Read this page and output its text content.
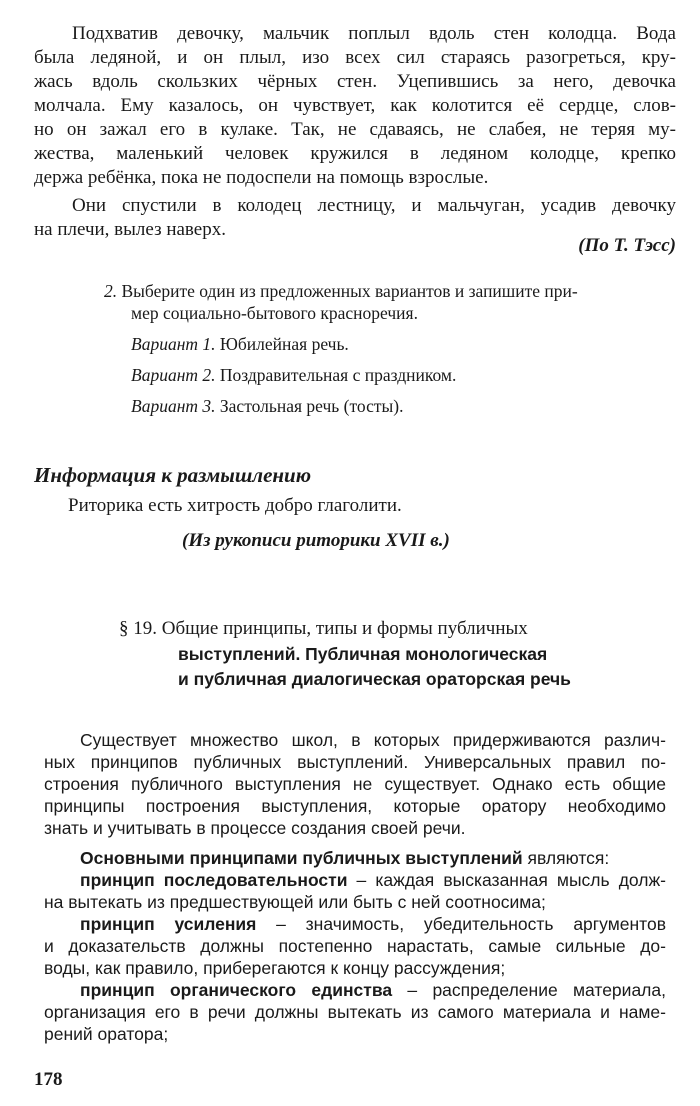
Подхватив девочку, мальчик поплыл вдоль стен колодца. Вода

была ледяной, и он плыл, изо всех сил стараясь разогреться, кру-

жась вдоль скользких чёрных стен. Уцепившись за него, девочка

молчала. Ему казалось, он чувствует, как колотится её сердце, слов-

но он зажал его в кулаке. Так, не сдаваясь, не слабея, не теряя му-

жества, маленький человек кружился в ледяном колодце, крепко

держа ребёнка, пока не подоспели на помощь взрослые.

Они спустили в колодец лестницу, и мальчуган, усадив девочку

на плечи, вылез наверх.

(По Т. Тэсс)

2. Выберите один из предложенных вариантов и запишите при-

мер социально-бытового красноречия.

Вариант 1. Юбилейная речь.

Вариант 2. Поздравительная с праздником.

Вариант 3. Застольная речь (тосты).

Информация к размышлению

Риторика есть хитрость добро глаголити.

(Из рукописи риторики XVII в.)

§ 19. Общие принципы, типы и формы публичных

выступлений. Публичная монологическая

и публичная диалогическая ораторская речь

Существует множество школ, в которых придерживаются различ-

ных принципов публичных выступлений. Универсальных правил по-

строения публичного выступления не существует. Однако есть общие

принципы построения выступления, которые оратору необходимо

знать и учитывать в процессе создания своей речи.

Основными принципами публичных выступлений являются:

принцип последовательности – каждая высказанная мысль долж-

на вытекать из предшествующей или быть с ней соотносима;

принцип усиления – значимость, убедительность аргументов

и доказательств должны постепенно нарастать, самые сильные до-

воды, как правило, приберегаются к концу рассуждения;

принцип органического единства – распределение материала,

организация его в речи должны вытекать из самого материала и наме-

рений оратора;

178
